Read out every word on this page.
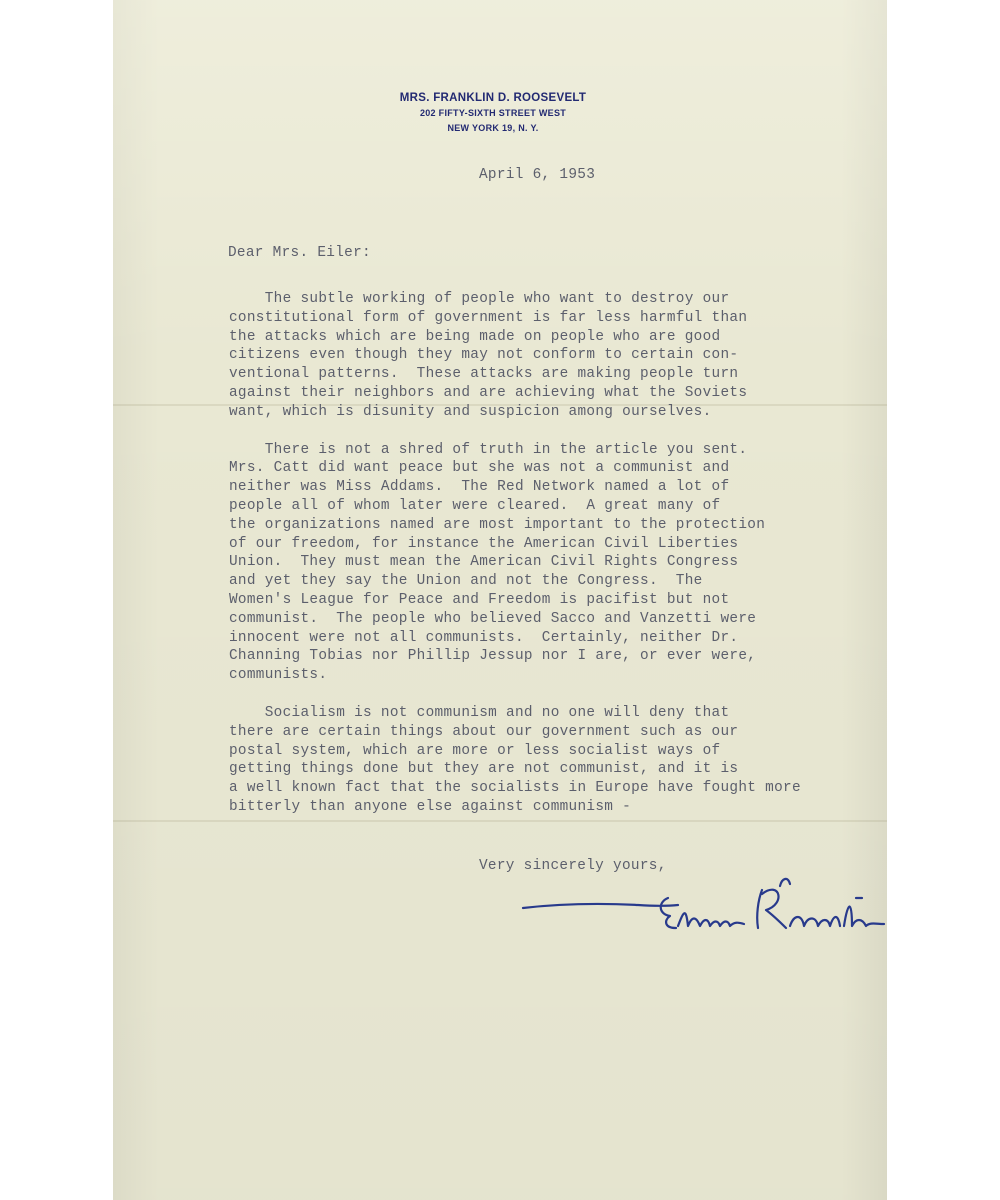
MRS. FRANKLIN D. ROOSEVELT
202 FIFTY-SIXTH STREET WEST
NEW YORK 19, N. Y.
April 6, 1953
Dear Mrs. Eiler:

The subtle working of people who want to destroy our
constitutional form of government is far less harmful than
the attacks which are being made on people who are good
citizens even though they may not conform to certain con-
ventional patterns.  These attacks are making people turn
against their neighbors and are achieving what the Soviets
want, which is disunity and suspicion among ourselves.

There is not a shred of truth in the article you sent.
Mrs. Catt did want peace but she was not a communist and
neither was Miss Addams.  The Red Network named a lot of
people all of whom later were cleared.  A great many of
the organizations named are most important to the protection
of our freedom, for instance the American Civil Liberties
Union.  They must mean the American Civil Rights Congress
and yet they say the Union and not the Congress.  The
Women's League for Peace and Freedom is pacifist but not
communist.  The people who believed Sacco and Vanzetti were
innocent were not all communists.  Certainly, neither Dr.
Channing Tobias nor Phillip Jessup nor I are, or ever were,
communists.

Socialism is not communism and no one will deny that
there are certain things about our government such as our
postal system, which are more or less socialist ways of
getting things done but they are not communist, and it is
a well known fact that the socialists in Europe have fought more
bitterly than anyone else against communism -

Very sincerely yours,
